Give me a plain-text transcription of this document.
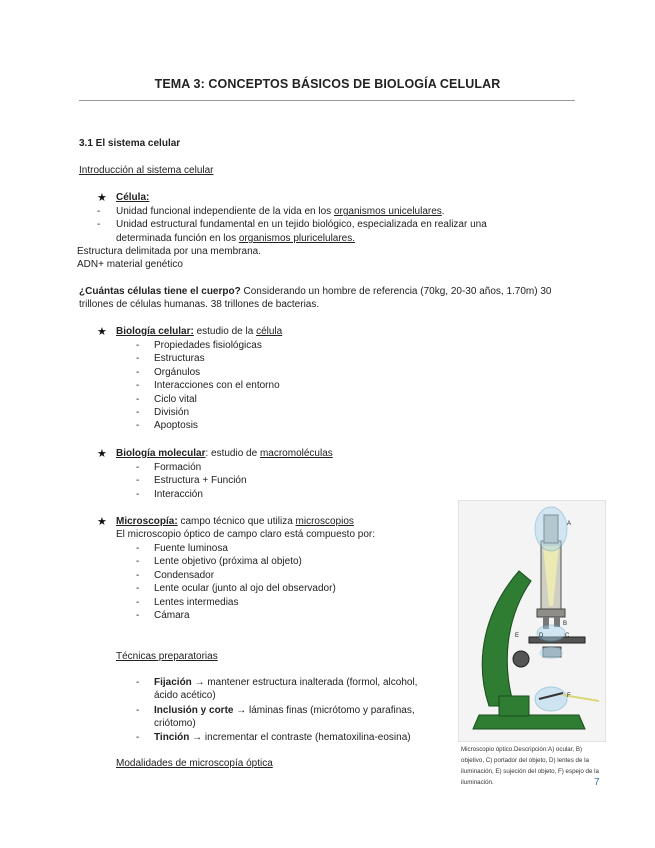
TEMA 3: CONCEPTOS BÁSICOS DE BIOLOGÍA CELULAR
3.1 El sistema celular
Introducción al sistema celular
★ Célula:
- Unidad funcional independiente de la vida en los organismos unicelulares.
- Unidad estructural fundamental en un tejido biológico, especializada en realizar una
determinada función en los organismos pluricelulares.
Estructura delimitada por una membrana.
ADN+ material genético
¿Cuántas células tiene el cuerpo? Considerando un hombre de referencia (70kg, 20-30 años, 1.70m) 30
trillones de células humanas. 38 trillones de bacterias.
★ Biología celular: estudio de la célula
- Propiedades fisiológicas
- Estructuras
- Orgánulos
- Interacciones con el entorno
- Ciclo vital
- División
- Apoptosis
★ Biología molecular: estudio de macromoléculas
- Formación
- Estructura + Función
- Interacción
★ Microscopía: campo técnico que utiliza microscopios
El microscopio óptico de campo claro está compuesto por:
- Fuente luminosa
- Lente objetivo (próxima al objeto)
- Condensador
- Lente ocular (junto al ojo del observador)
- Lentes intermedias
- Cámara
Técnicas preparatorias
- Fijación → mantener estructura inalterada (formol, alcohol,
ácido acético)
- Inclusión y corte → láminas finas (micrótomo y parafinas,
criótomo)
- Tinción → incrementar el contraste (hematoxilina-eosina)
Modalidades de microscopía óptica
A
B
C
D
E
F
Microscopio óptico.Descripción:A) ocular, B) objetivo, C) portador del objeto, D) lentes de la iluminación, E) sujeción del objeto, F) espejo de la iluminación.	7
